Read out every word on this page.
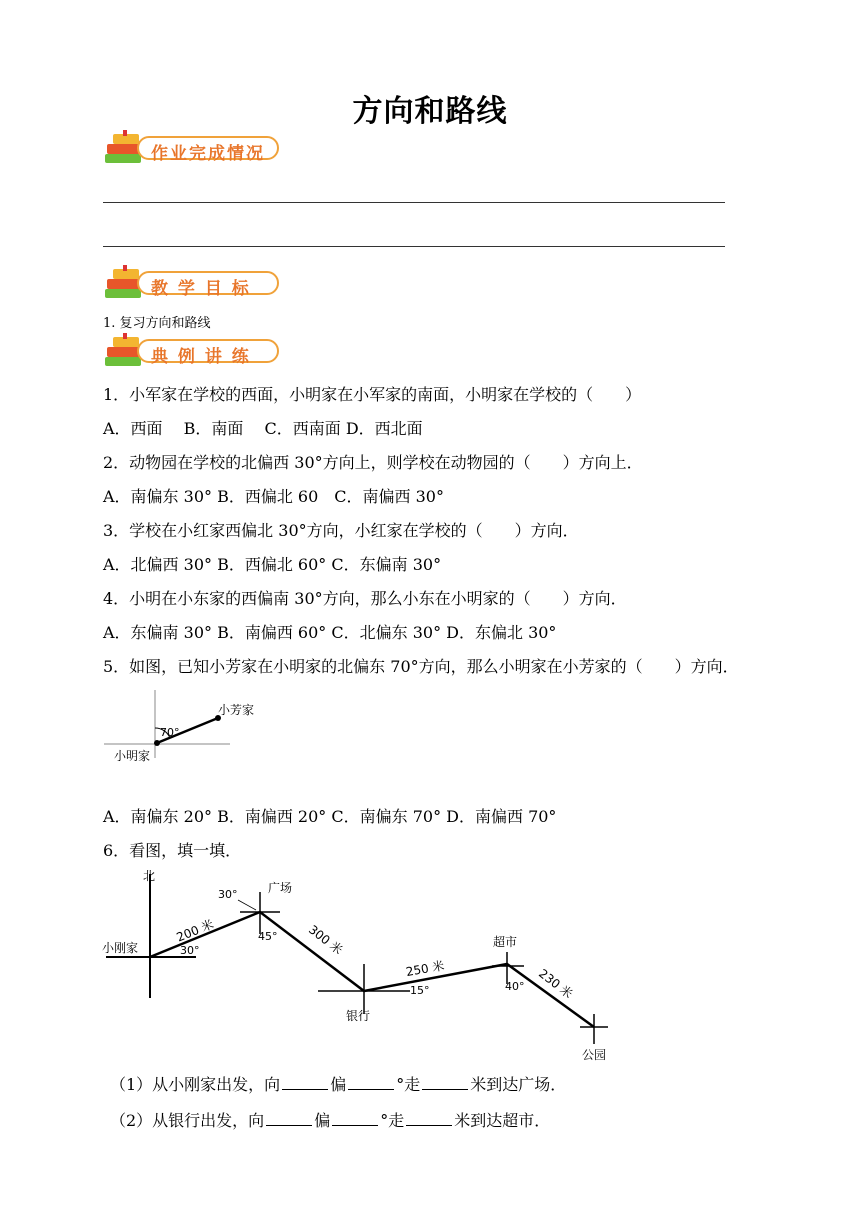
方向和路线
作业完成情况
教 学 目 标
1. 复习方向和路线
典 例 讲 练
1．小军家在学校的西面，小明家在小军家的南面，小明家在学校的（　　）
A．西面　 B．南面　 C．西南面 D．西北面
2．动物园在学校的北偏西 30°方向上，则学校在动物园的（　　）方向上．
A．南偏东 30° B．西偏北 60　C．南偏西 30°
3．学校在小红家西偏北 30°方向，小红家在学校的（　　）方向．
A．北偏西 30° B．西偏北 60° C．东偏南 30°
4．小明在小东家的西偏南 30°方向，那么小东在小明家的（　　）方向．
A．东偏南 30° B．南偏西 60° C．北偏东 30° D．东偏北 30°
5．如图，已知小芳家在小明家的北偏东 70°方向，那么小明家在小芳家的（　　）方向．
70°
小芳家
小明家
A．南偏东 20° B．南偏西 20° C．南偏东 70° D．南偏西 70°
6．看图，填一填．
北
小刚家	30°
广场
30°
45°
银行
15°
超市
40°
公园
200 米	300 米
250 米	230 米
（1）从小刚家出发，向	偏	°走	米到达广场．
（2）从银行出发，向	偏	°走	米到达超市．
